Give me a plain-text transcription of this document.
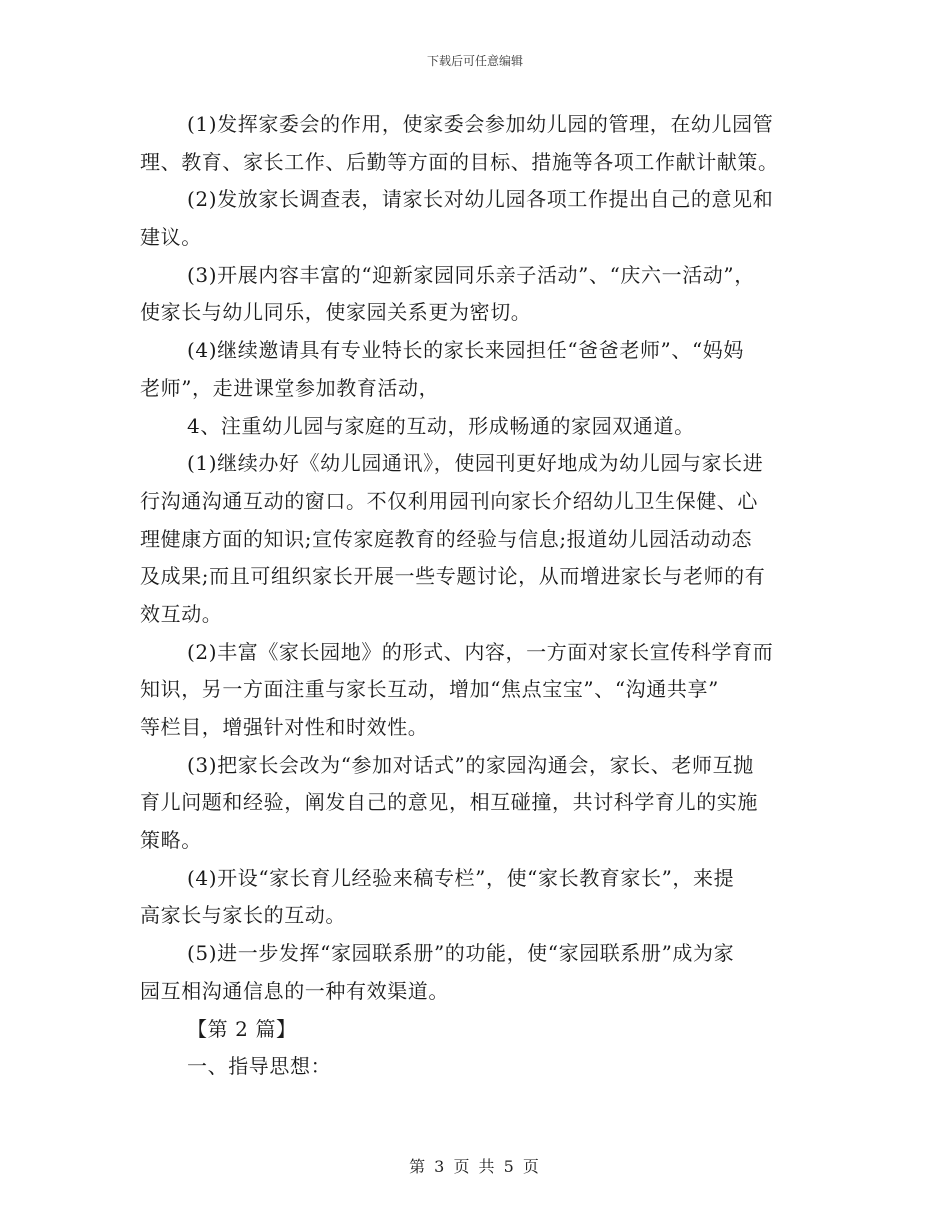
下载后可任意编辑
(1)发挥家委会的作用，使家委会参加幼儿园的管理，在幼儿园管
理、教育、家长工作、后勤等方面的目标、措施等各项工作献计献策。
(2)发放家长调查表，请家长对幼儿园各项工作提出自己的意见和
建议。
(3)开展内容丰富的“迎新家园同乐亲子活动”、“庆六一活动”，
使家长与幼儿同乐，使家园关系更为密切。
(4)继续邀请具有专业特长的家长来园担任“爸爸老师”、“妈妈
老师”，走进课堂参加教育活动，
4、注重幼儿园与家庭的互动，形成畅通的家园双通道。
(1)继续办好《幼儿园通讯》，使园刊更好地成为幼儿园与家长进
行沟通沟通互动的窗口。不仅利用园刊向家长介绍幼儿卫生保健、心
理健康方面的知识;宣传家庭教育的经验与信息;报道幼儿园活动动态
及成果;而且可组织家长开展一些专题讨论，从而增进家长与老师的有
效互动。
(2)丰富《家长园地》的形式、内容，一方面对家长宣传科学育而
知识，另一方面注重与家长互动，增加“焦点宝宝”、“沟通共享”
等栏目，增强针对性和时效性。
(3)把家长会改为“参加对话式”的家园沟通会，家长、老师互抛
育儿问题和经验，阐发自己的意见，相互碰撞，共讨科学育儿的实施
策略。
(4)开设“家长育儿经验来稿专栏”，使“家长教育家长”，来提
高家长与家长的互动。
(5)进一步发挥“家园联系册”的功能，使“家园联系册”成为家
园互相沟通信息的一种有效渠道。
【第 2 篇】
一、指导思想：
第 3 页 共 5 页
